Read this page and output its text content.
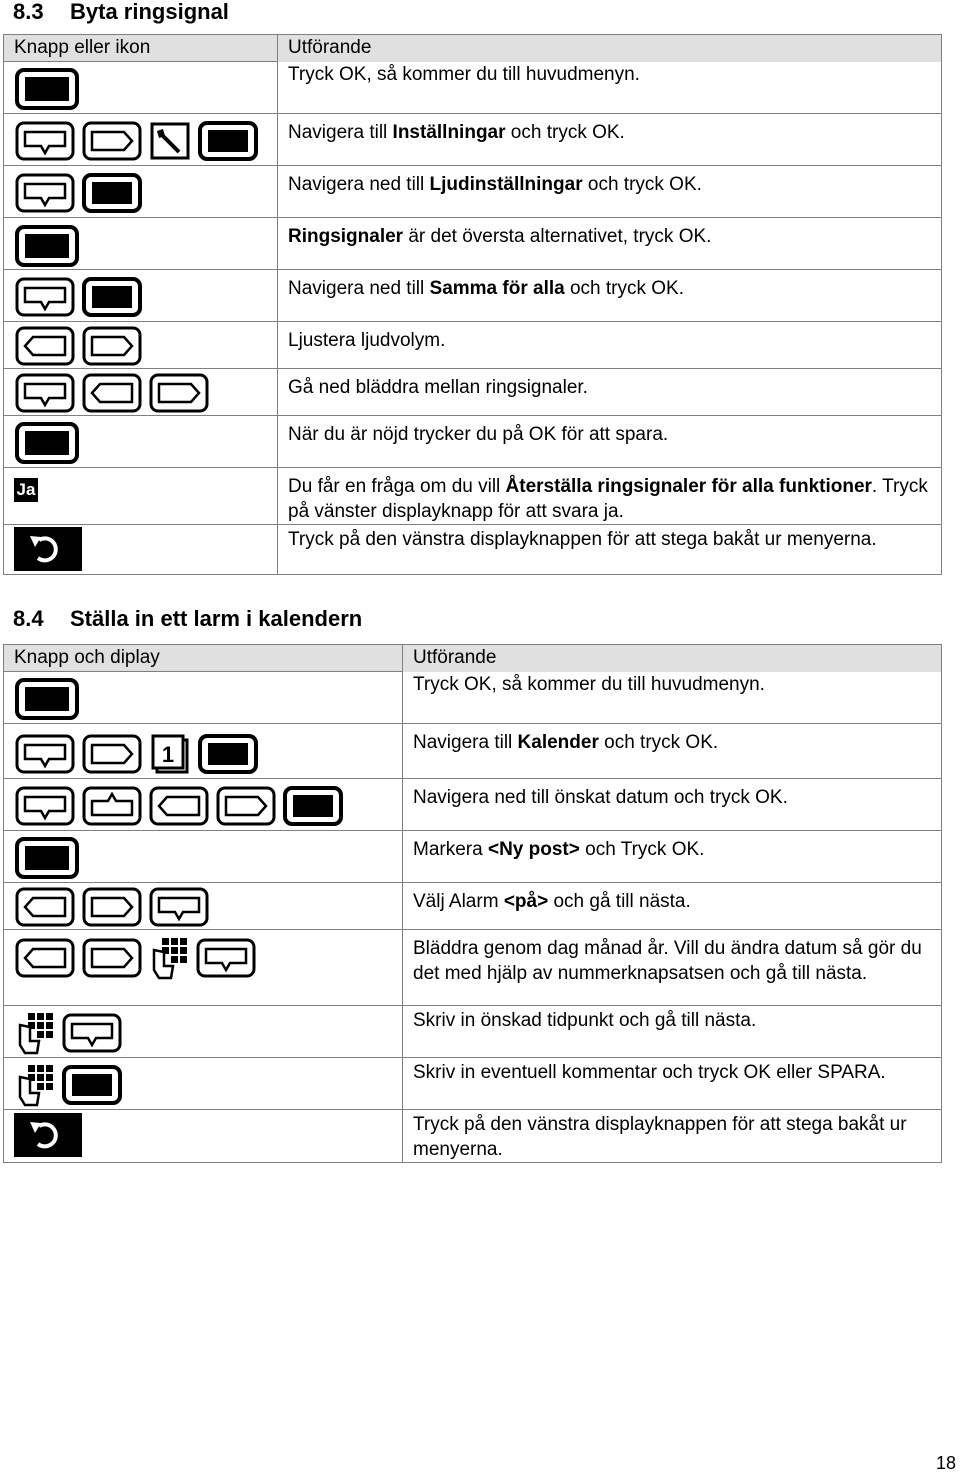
8.3 Byta ringsignal
Knapp eller ikon	Utförande

	Tryck OK, så kommer du till huvudmenyn.

	Navigera till Inställningar och tryck OK.

	Navigera ned till Ljudinställningar och tryck OK.

	Ringsignaler är det översta alternativet, tryck OK.

	Navigera ned till Samma för alla och tryck OK.

	Ljustera ljudvolym.

	Gå ned bläddra mellan ringsignaler.

	När du är nöjd trycker du på OK för att spara.

Ja	Du får en fråga om du vill Återställa ringsignaler för alla funktioner. Tryck på vänster displayknapp för att svara ja.

	Tryck på den vänstra displayknappen för att stega bakåt ur menyerna.
8.4 Ställa in ett larm i kalendern
Knapp och diplay	Utförande

	Tryck OK, så kommer du till huvudmenyn.

1	Navigera till Kalender och tryck OK.

	Navigera ned till önskat datum och tryck OK.

	Markera <Ny post> och Tryck OK.

	Välj Alarm <på> och gå till nästa.

	Bläddra genom dag månad år. Vill du ändra datum så gör du det med hjälp av nummerknapsatsen och gå till nästa.

	Skriv in önskad tidpunkt och gå till nästa.

	Skriv in eventuell kommentar och tryck OK eller SPARA.

	Tryck på den vänstra displayknappen för att stega bakåt ur menyerna.
18
